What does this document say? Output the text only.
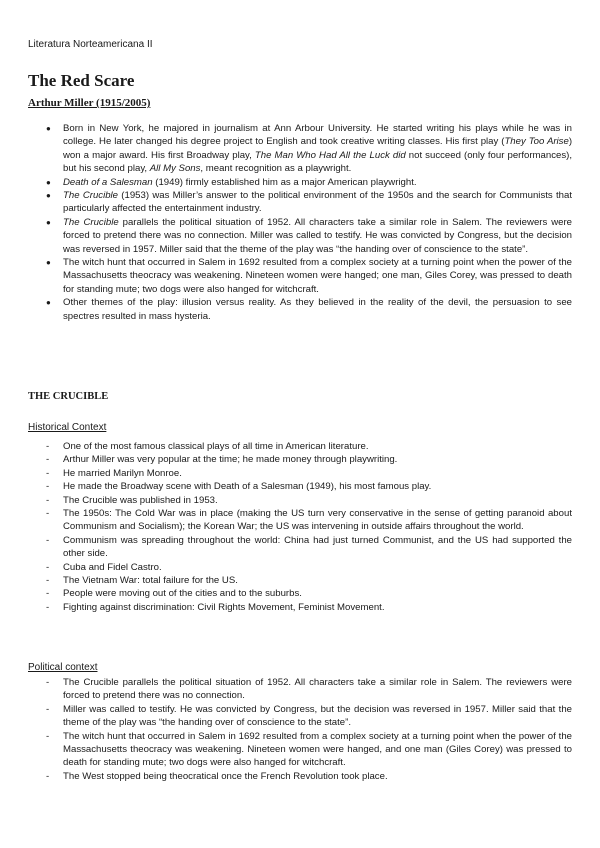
Literatura Norteamericana II
The Red Scare
Arthur Miller (1915/2005)
● Born in New York, he majored in journalism at Ann Arbour University. He started writing his plays while he was in college. He later changed his degree project to English and took creative writing classes. His first play (They Too Arise) won a major award. His first Broadway play, The Man Who Had All the Luck did not succeed (only four performances), but his second play, All My Sons, meant recognition as a playwright.
● Death of a Salesman (1949) firmly established him as a major American playwright.
● The Crucible (1953) was Miller’s answer to the political environment of the 1950s and the search for Communists that particularly affected the entertainment industry.
● The Crucible parallels the political situation of 1952. All characters take a similar role in Salem. The reviewers were forced to pretend there was no connection. Miller was called to testify. He was convicted by Congress, but the decision was reversed in 1957. Miller said that the theme of the play was “the handing over of conscience to the state”.
● The witch hunt that occurred in Salem in 1692 resulted from a complex society at a turning point when the power of the Massachusetts theocracy was weakening. Nineteen women were hanged; one man, Giles Corey, was pressed to death for standing mute; two dogs were also hanged for witchcraft.
● Other themes of the play: illusion versus reality. As they believed in the reality of the devil, the persuasion to see spectres resulted in mass hysteria.
THE CRUCIBLE
Historical Context
- One of the most famous classical plays of all time in American literature.
- Arthur Miller was very popular at the time; he made money through playwriting.
- He married Marilyn Monroe.
- He made the Broadway scene with Death of a Salesman (1949), his most famous play.
- The Crucible was published in 1953.
- The 1950s: The Cold War was in place (making the US turn very conservative in the sense of getting paranoid about Communism and Socialism); the Korean War; the US was intervening in outside affairs throughout the world.
- Communism was spreading throughout the world: China had just turned Communist, and the US had supported the other side.
- Cuba and Fidel Castro.
- The Vietnam War: total failure for the US.
- People were moving out of the cities and to the suburbs.
- Fighting against discrimination: Civil Rights Movement, Feminist Movement.
Political context
- The Crucible parallels the political situation of 1952. All characters take a similar role in Salem. The reviewers were forced to pretend there was no connection.
- Miller was called to testify. He was convicted by Congress, but the decision was reversed in 1957. Miller said that the theme of the play was “the handing over of conscience to the state”.
- The witch hunt that occurred in Salem in 1692 resulted from a complex society at a turning point when the power of the Massachusetts theocracy was weakening. Nineteen women were hanged, and one man (Giles Corey) was pressed to death for standing mute; two dogs were also hanged for witchcraft.
- The West stopped being theocratical once the French Revolution took place.
